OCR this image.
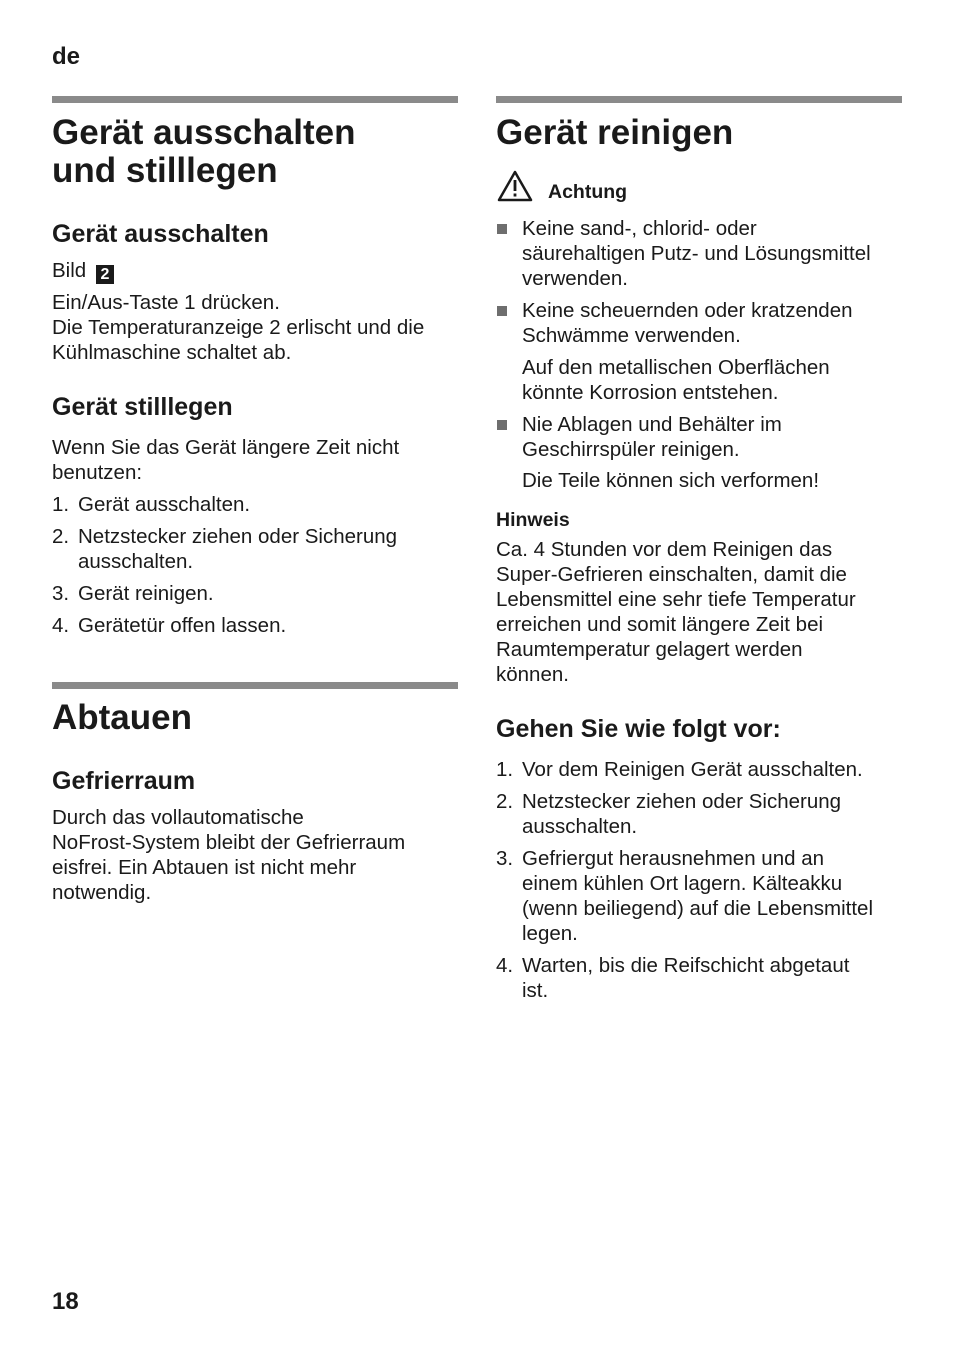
de
18
Gerät ausschalten
und stilllegen
Gerät ausschalten
Bild 2
Ein/Aus-Taste 1 drücken.
Die Temperaturanzeige 2 erlischt und die
Kühlmaschine schaltet ab.
Gerät stilllegen
Wenn Sie das Gerät längere Zeit nicht
benutzen:
1. Gerät ausschalten.
2. Netzstecker ziehen oder Sicherung
ausschalten.
3. Gerät reinigen.
4. Gerätetür offen lassen.
Abtauen
Gefrierraum
Durch das vollautomatische
NoFrost-System bleibt der Gefrierraum
eisfrei. Ein Abtauen ist nicht mehr
notwendig.
Gerät reinigen
Achtung
Keine sand-, chlorid- oder
säurehaltigen Putz- und Lösungsmittel
verwenden.
Keine scheuernden oder kratzenden
Schwämme verwenden.
Auf den metallischen Oberflächen
könnte Korrosion entstehen.
Nie Ablagen und Behälter im
Geschirrspüler reinigen.
Die Teile können sich verformen!
Hinweis
Ca. 4 Stunden vor dem Reinigen das
Super-Gefrieren einschalten, damit die
Lebensmittel eine sehr tiefe Temperatur
erreichen und somit längere Zeit bei
Raumtemperatur gelagert werden
können.
Gehen Sie wie folgt vor:
1. Vor dem Reinigen Gerät ausschalten.
2. Netzstecker ziehen oder Sicherung
ausschalten.
3. Gefriergut herausnehmen und an
einem kühlen Ort lagern. Kälteakku
(wenn beiliegend) auf die Lebensmittel
legen.
4. Warten, bis die Reifschicht abgetaut
ist.
